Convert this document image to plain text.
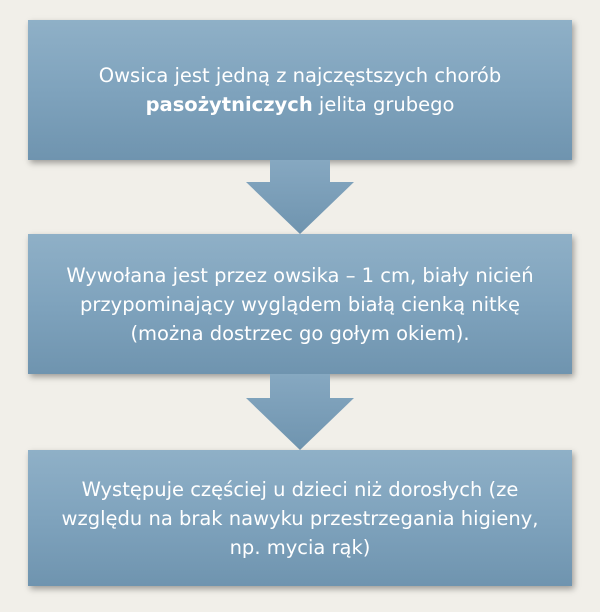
Owsica jest jedną z najczęstszych chorób
pasożytniczych jelita grubego
Wywołana jest przez owsika – 1 cm, biały nicień
przypominający wyglądem białą cienką nitkę
(można dostrzec go gołym okiem).
Występuje częściej u dzieci niż dorosłych (ze
względu na brak nawyku przestrzegania higieny,
np. mycia rąk)
